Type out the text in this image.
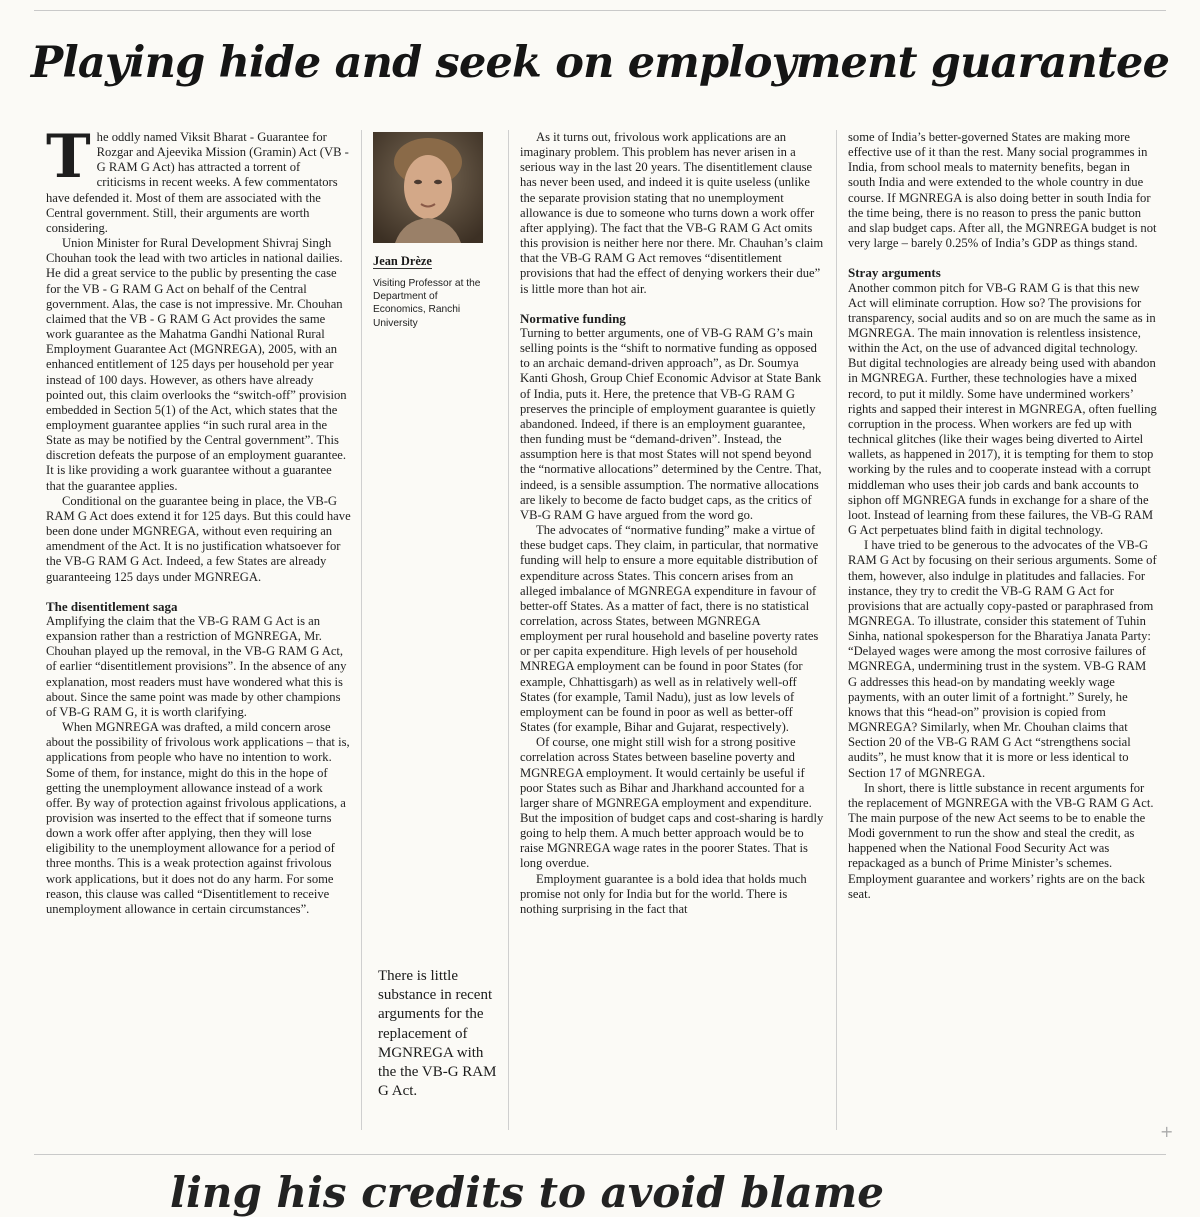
Playing hide and seek on employment guarantee

The oddly named Viksit Bharat - Guarantee for Rozgar and Ajeevika Mission (Gramin) Act (VB - G RAM G Act) has attracted a torrent of criticisms in recent weeks. A few commentators have defended it. Most of them are associated with the Central government. Still, their arguments are worth considering.

Union Minister for Rural Development Shivraj Singh Chouhan took the lead with two articles in national dailies. He did a great service to the public by presenting the case for the VB - G RAM G Act on behalf of the Central government. Alas, the case is not impressive. Mr. Chouhan claimed that the VB - G RAM G Act provides the same work guarantee as the Mahatma Gandhi National Rural Employment Guarantee Act (MGNREGA), 2005, with an enhanced entitlement of 125 days per household per year instead of 100 days. However, as others have already pointed out, this claim overlooks the “switch-off” provision embedded in Section 5(1) of the Act, which states that the employment guarantee applies “in such rural area in the State as may be notified by the Central government”. This discretion defeats the purpose of an employment guarantee. It is like providing a work guarantee without a guarantee that the guarantee applies.

Conditional on the guarantee being in place, the VB-G RAM G Act does extend it for 125 days. But this could have been done under MGNREGA, without even requiring an amendment of the Act. It is no justification whatsoever for the VB-G RAM G Act. Indeed, a few States are already guaranteeing 125 days under MGNREGA.

The disentitlement saga

Amplifying the claim that the VB-G RAM G Act is an expansion rather than a restriction of MGNREGA, Mr. Chouhan played up the removal, in the VB-G RAM G Act, of earlier “disentitlement provisions”. In the absence of any explanation, most readers must have wondered what this is about. Since the same point was made by other champions of VB-G RAM G, it is worth clarifying.

When MGNREGA was drafted, a mild concern arose about the possibility of frivolous work applications – that is, applications from people who have no intention to work. Some of them, for instance, might do this in the hope of getting the unemployment allowance instead of a work offer. By way of protection against frivolous applications, a provision was inserted to the effect that if someone turns down a work offer after applying, then they will lose eligibility to the unemployment allowance for a period of three months. This is a weak protection against frivolous work applications, but it does not do any harm. For some reason, this clause was called “Disentitlement to receive unemployment allowance in certain circumstances”.

Jean Drèze
Visiting Professor at the Department of Economics, Ranchi University
There is little substance in recent arguments for the replacement of MGNREGA with the the VB-G RAM G Act.

As it turns out, frivolous work applications are an imaginary problem. This problem has never arisen in a serious way in the last 20 years. The disentitlement clause has never been used, and indeed it is quite useless (unlike the separate provision stating that no unemployment allowance is due to someone who turns down a work offer after applying). The fact that the VB-G RAM G Act omits this provision is neither here nor there. Mr. Chauhan’s claim that the VB-G RAM G Act removes “disentitlement provisions that had the effect of denying workers their due” is little more than hot air.

Normative funding

Turning to better arguments, one of VB-G RAM G’s main selling points is the “shift to normative funding as opposed to an archaic demand-driven approach”, as Dr. Soumya Kanti Ghosh, Group Chief Economic Advisor at State Bank of India, puts it. Here, the pretence that VB-G RAM G preserves the principle of employment guarantee is quietly abandoned. Indeed, if there is an employment guarantee, then funding must be “demand-driven”. Instead, the assumption here is that most States will not spend beyond the “normative allocations” determined by the Centre. That, indeed, is a sensible assumption. The normative allocations are likely to become de facto budget caps, as the critics of VB-G RAM G have argued from the word go.

The advocates of “normative funding” make a virtue of these budget caps. They claim, in particular, that normative funding will help to ensure a more equitable distribution of expenditure across States. This concern arises from an alleged imbalance of MGNREGA expenditure in favour of better-off States. As a matter of fact, there is no statistical correlation, across States, between MGNREGA employment per rural household and baseline poverty rates or per capita expenditure. High levels of per household MNREGA employment can be found in poor States (for example, Chhattisgarh) as well as in relatively well-off States (for example, Tamil Nadu), just as low levels of employment can be found in poor as well as better-off States (for example, Bihar and Gujarat, respectively).

Of course, one might still wish for a strong positive correlation across States between baseline poverty and MGNREGA employment. It would certainly be useful if poor States such as Bihar and Jharkhand accounted for a larger share of MGNREGA employment and expenditure. But the imposition of budget caps and cost-sharing is hardly going to help them. A much better approach would be to raise MGNREGA wage rates in the poorer States. That is long overdue.

Employment guarantee is a bold idea that holds much promise not only for India but for the world. There is nothing surprising in the fact that

some of India’s better-governed States are making more effective use of it than the rest. Many social programmes in India, from school meals to maternity benefits, began in south India and were extended to the whole country in due course. If MGNREGA is also doing better in south India for the time being, there is no reason to press the panic button and slap budget caps. After all, the MGNREGA budget is not very large – barely 0.25% of India’s GDP as things stand.

Stray arguments

Another common pitch for VB-G RAM G is that this new Act will eliminate corruption. How so? The provisions for transparency, social audits and so on are much the same as in MGNREGA. The main innovation is relentless insistence, within the Act, on the use of advanced digital technology. But digital technologies are already being used with abandon in MGNREGA. Further, these technologies have a mixed record, to put it mildly. Some have undermined workers’ rights and sapped their interest in MGNREGA, often fuelling corruption in the process. When workers are fed up with technical glitches (like their wages being diverted to Airtel wallets, as happened in 2017), it is tempting for them to stop working by the rules and to cooperate instead with a corrupt middleman who uses their job cards and bank accounts to siphon off MGNREGA funds in exchange for a share of the loot. Instead of learning from these failures, the VB-G RAM G Act perpetuates blind faith in digital technology.

I have tried to be generous to the advocates of the VB-G RAM G Act by focusing on their serious arguments. Some of them, however, also indulge in platitudes and fallacies. For instance, they try to credit the VB-G RAM G Act for provisions that are actually copy-pasted or paraphrased from MGNREGA. To illustrate, consider this statement of Tuhin Sinha, national spokesperson for the Bharatiya Janata Party: “Delayed wages were among the most corrosive failures of MGNREGA, undermining trust in the system. VB-G RAM G addresses this head-on by mandating weekly wage payments, with an outer limit of a fortnight.” Surely, he knows that this “head-on” provision is copied from MGNREGA? Similarly, when Mr. Chouhan claims that Section 20 of the VB-G RAM G Act “strengthens social audits”, he must know that it is more or less identical to Section 17 of MGNREGA.

In short, there is little substance in recent arguments for the replacement of MGNREGA with the VB-G RAM G Act. The main purpose of the new Act seems to be to enable the Modi government to run the show and steal the credit, as happened when the National Food Security Act was repackaged as a bunch of Prime Minister’s schemes. Employment guarantee and workers’ rights are on the back seat.

+
ling his credits to avoid blame
